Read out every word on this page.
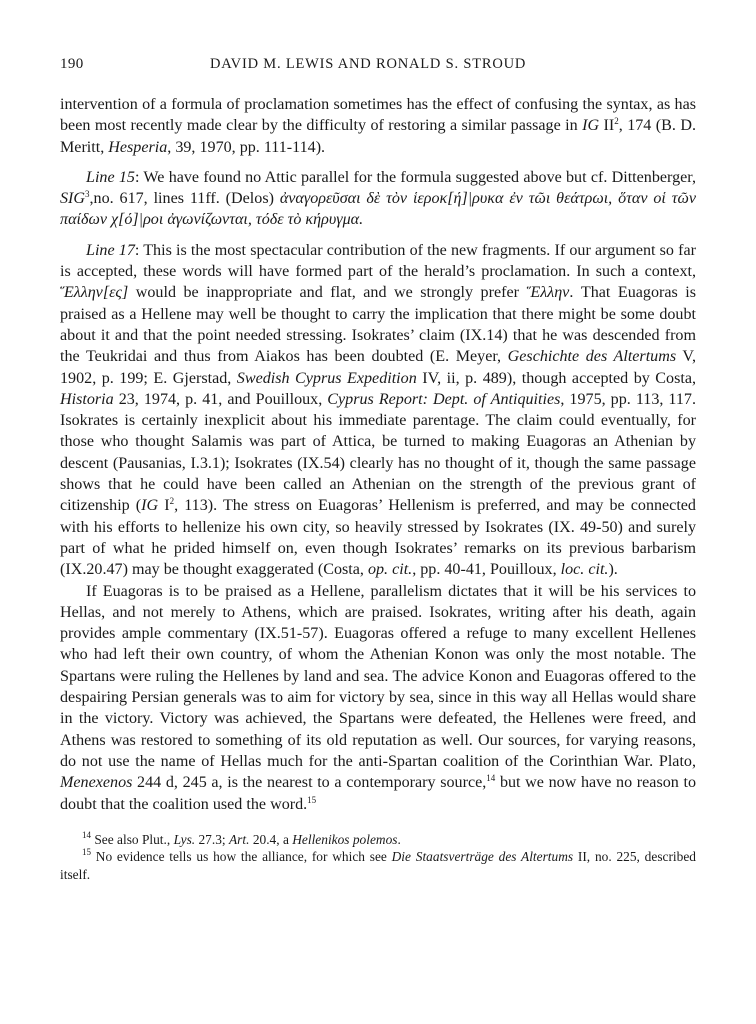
190	DAVID M. LEWIS AND RONALD S. STROUD

intervention of a formula of proclamation sometimes has the effect of confusing the syntax, as has been most recently made clear by the difficulty of restoring a similar passage in IG $II^2$, 174 (B. D. Meritt, Hesperia, 39, 1970, pp. 111-114).

Line 15: We have found no Attic parallel for the formula suggested above but cf. Dittenberger, SIG$^3$,no. 617, lines 11ff. (Delos) ἀναγορεῦσαι δὲ τὸν ἱεροκ[ή]|ρυκα ἐν τῶι θεάτρωι, ὅταν οἱ τῶν παίδων χ[ό]|ροι ἀγωνίζωνται, τόδε τὸ κήρυγμα.

Line 17: This is the most spectacular contribution of the new fragments. If our argument so far is accepted, these words will have formed part of the herald’s proclamation. In such a context, Ἕλλην[ες] would be inappropriate and flat, and we strongly prefer Ἕλλην. That Euagoras is praised as a Hellene may well be thought to carry the implication that there might be some doubt about it and that the point needed stressing. Isokrates’ claim (IX.14) that he was descended from the Teukridai and thus from Aiakos has been doubted (E. Meyer, Geschichte des Altertums V, 1902, p. 199; E. Gjerstad, Swedish Cyprus Expedition IV, ii, p. 489), though accepted by Costa, Historia 23, 1974, p. 41, and Pouilloux, Cyprus Report: Dept. of Antiquities, 1975, pp. 113, 117. Isokrates is certainly inexplicit about his immediate parentage. The claim could eventually, for those who thought Salamis was part of Attica, be turned to making Euagoras an Athenian by descent (Pausanias, I.3.1); Isokrates (IX.54) clearly has no thought of it, though the same passage shows that he could have been called an Athenian on the strength of the previous grant of citizenship (IG $I^2$, 113). The stress on Euagoras’ Hellenism is preferred, and may be connected with his efforts to hellenize his own city, so heavily stressed by Isokrates (IX. 49-50) and surely part of what he prided himself on, even though Isokrates’ remarks on its previous barbarism (IX.20.47) may be thought exaggerated (Costa, op. cit., pp. 40-41, Pouilloux, loc. cit.).

If Euagoras is to be praised as a Hellene, parallelism dictates that it will be his services to Hellas, and not merely to Athens, which are praised. Isokrates, writing after his death, again provides ample commentary (IX.51-57). Euagoras offered a refuge to many excellent Hellenes who had left their own country, of whom the Athenian Konon was only the most notable. The Spartans were ruling the Hellenes by land and sea. The advice Konon and Euagoras offered to the despairing Persian generals was to aim for victory by sea, since in this way all Hellas would share in the victory. Victory was achieved, the Spartans were defeated, the Hellenes were freed, and Athens was restored to something of its old reputation as well. Our sources, for varying reasons, do not use the name of Hellas much for the anti-Spartan coalition of the Corinthian War. Plato, Menexenos 244 d, 245 a, is the nearest to a contemporary source,$^{14}$ but we now have no reason to doubt that the coalition used the word.$^{15}$

$^{14}$ See also Plut., Lys. 27.3; Art. 20.4, a Hellenikos polemos.

$^{15}$ No evidence tells us how the alliance, for which see Die Staatsverträge des Altertums II, no. 225, described itself.
